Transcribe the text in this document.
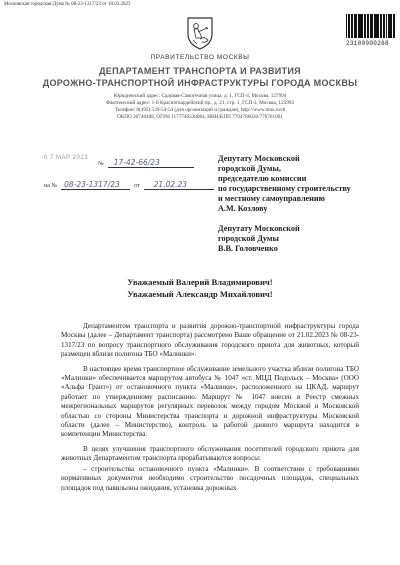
Московская городская Дума № 08-23-1317/23 от 10.03.2023
23100000268
ПРАВИТЕЛЬСТВО МОСКВЫ
ДЕПАРТАМЕНТ ТРАНСПОРТА И РАЗВИТИЯ
ДОРОЖНО-ТРАНСПОРТНОЙ ИНФРАСТРУКТУРЫ ГОРОДА МОСКВЫ
Юридический адрес: Садовая-Самотечная улица, д. 1, ГСП-4, Москва, 127994
Фактический адрес: 1-й Красногвардейский пр., д. 21, стр. 1, ГСП-3, Москва, 125993
Телефон: 8(495) 539-54-54 (для организаций и граждан), http://www.mos.ru/dt
ОКПО 20740408, ОГРН 1177746538084, ИНН/КПП 7704786030/770701001
0 7 МАР 2023
№ 17-42-66/23
на № 08-23-1317/23 от 21.02.23
Депутату Московской
городской Думы,
председателю комиссии
по государственному строительству
и местному самоуправлению
А.М. Козлову
Депутату Московской
городской Думы
В.В. Головченко
Уважаемый Валерий Владимирович!
Уважаемый Александр Михайлович!

Департаментом транспорта и развития дорожно-транспортной инфраструктуры города Москвы (далее – Департамент транспорта) рассмотрено Ваше обращение от 21.02.2023 № 08-23-1317/23 по вопросу транспортного обслуживания городского приюта для животных, который размещен вблизи полигона ТБО «Малинки».

В настоящее время транспортное обслуживание земельного участка вблизи полигона ТБО «Малинки» обеспечивается маршрутом автобуса № 1047 «ст. МЦД Подольск – Москва» (ООО «Альфа Грант») от остановочного пункта «Малинки», расположенного на ЦКАД, маршрут работает по утвержденному расписанию. Маршрут № 1047 внесен в Реестр смежных межрегиональных маршрутов регулярных перевозок между городом Москвой и Московской областью со стороны Министерства транспорта и дорожной инфраструктуры Московской области (далее – Министерство), контроль за работой данного маршрута находится в компетенции Министерства.

В целях улучшения транспортного обслуживания посетителей городского приюта для животных Департаментом транспорта прорабатываются вопросы:

– строительства остановочного пункта «Малинки». В соответствии с требованиями нормативных документов необходимо строительство посадочных площадок, специальных площадок под павильоны ожидания, установка дорожных
